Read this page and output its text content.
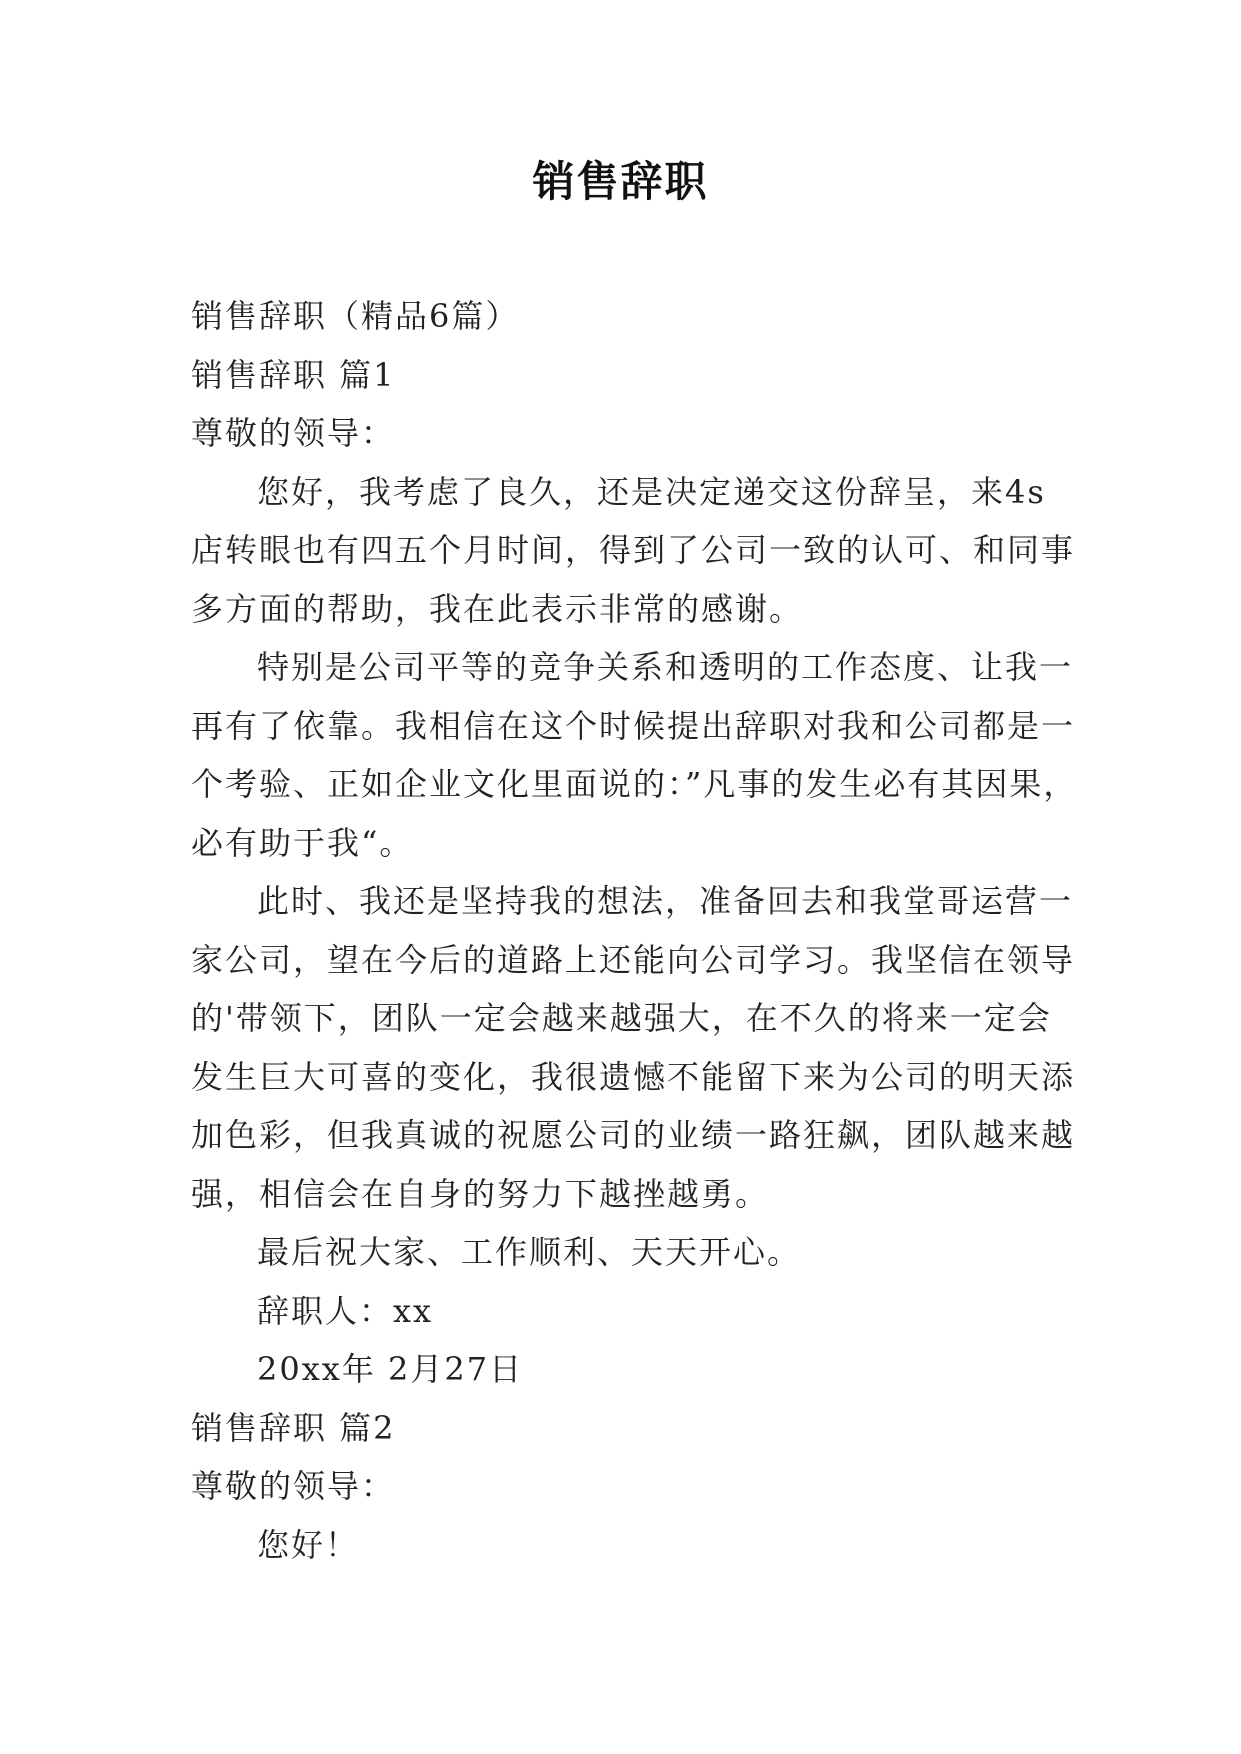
销售辞职
销售辞职（精品6篇）
销售辞职 篇1
尊敬的领导：
您好，我考虑了良久，还是决定递交这份辞呈，来4s
店转眼也有四五个月时间，得到了公司一致的认可、和同事
多方面的帮助，我在此表示非常的感谢。
特别是公司平等的竞争关系和透明的工作态度、让我一
再有了依靠。我相信在这个时候提出辞职对我和公司都是一
个考验、正如企业文化里面说的：”凡事的发生必有其因果，
必有助于我“。
此时、我还是坚持我的想法，准备回去和我堂哥运营一
家公司，望在今后的道路上还能向公司学习。我坚信在领导
的'带领下，团队一定会越来越强大，在不久的将来一定会
发生巨大可喜的变化，我很遗憾不能留下来为公司的明天添
加色彩，但我真诚的祝愿公司的业绩一路狂飙，团队越来越
强，相信会在自身的努力下越挫越勇。
最后祝大家、工作顺利、天天开心。
辞职人：xx
20xx年 2月27日
销售辞职 篇2
尊敬的领导：
您好！
